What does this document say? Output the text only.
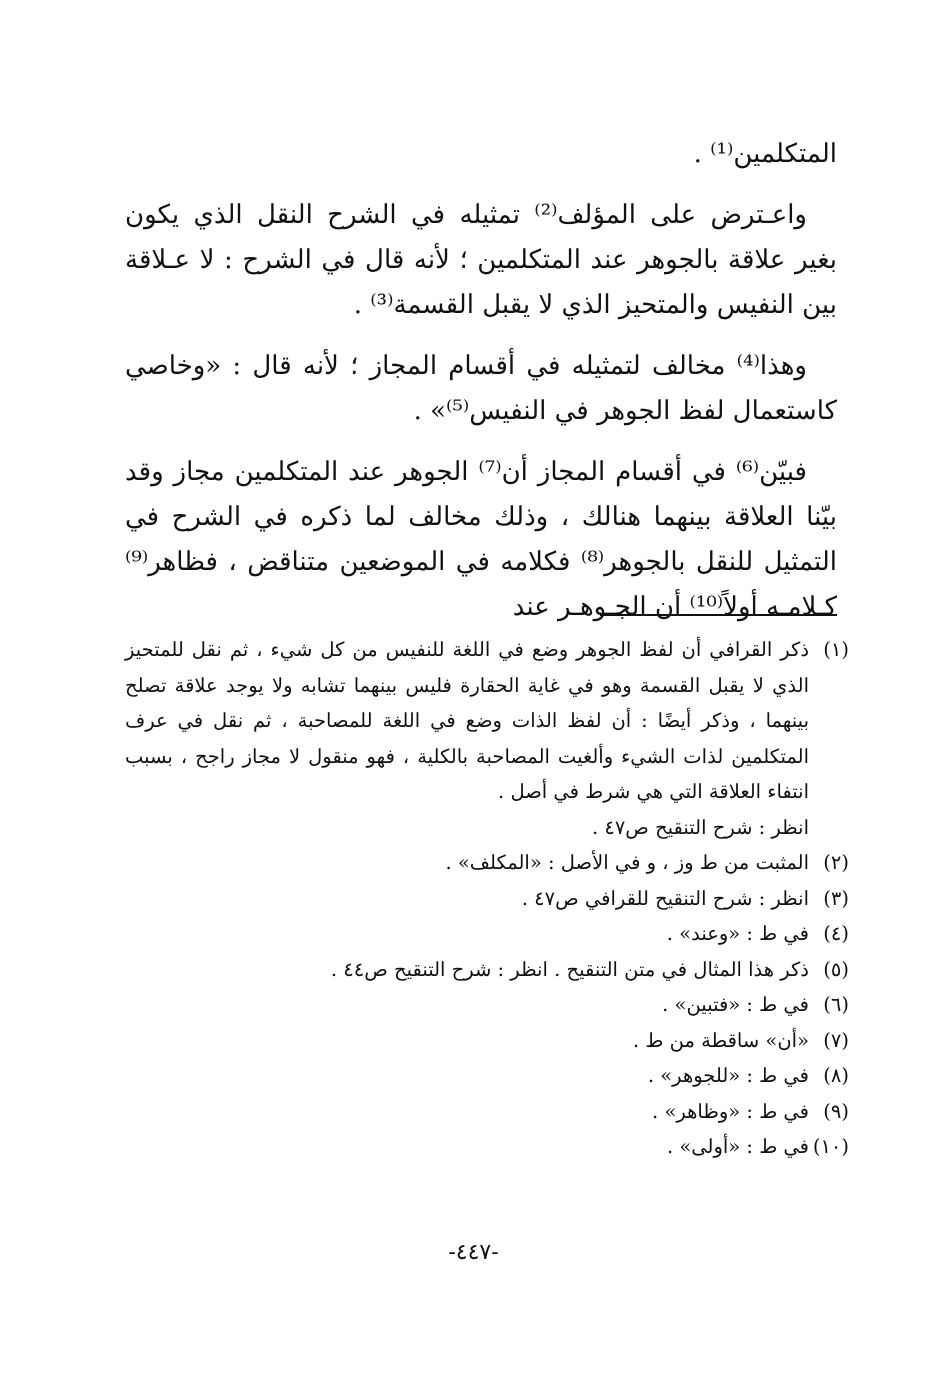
المتكلمين⁽¹⁾ .

واعـترض على المؤلف⁽²⁾ تمثيله في الشرح النقل الذي يكون بغير علاقة بالجوهر عند المتكلمين ؛ لأنه قال في الشرح : لا عـلاقة بين النفيس والمتحيز الذي لا يقبل القسمة⁽³⁾ .

وهذا⁽⁴⁾ مخالف لتمثيله في أقسام المجاز ؛ لأنه قال : «وخاصي كاستعمال لفظ الجوهر في النفيس⁽⁵⁾» .

فبيّن⁽⁶⁾ في أقسام المجاز أن⁽⁷⁾ الجوهر عند المتكلمين مجاز وقد بيّنا العلاقة بينهما هنالك ، وذلك مخالف لما ذكره في الشرح في التمثيل للنقل بالجوهر⁽⁸⁾ فكلامه في الموضعين متناقض ، فظاهر⁽⁹⁾ كـلامـه أولاً⁽¹⁰⁾ أن الجـوهـر عند

(١)
ذكر القرافي أن لفظ الجوهر وضع في اللغة للنفيس من كل شيء ، ثم نقل للمتحيز الذي لا يقبل القسمة وهو في غاية الحقارة فليس بينهما تشابه ولا يوجد علاقة تصلح بينهما ، وذكر أيضًا : أن لفظ الذات وضع في اللغة للمصاحبة ، ثم نقل في عرف المتكلمين لذات الشيء وألغيت المصاحبة بالكلية ، فهو منقول لا مجاز راجح ، بسبب انتفاء العلاقة التي هي شرط في أصل .
انظر : شرح التنقيح ص٤٧ .
(٢)
المثبت من ط وز ، و في الأصل : «المكلف» .
(٣)
انظر : شرح التنقيح للقرافي ص٤٧ .
(٤)
في ط : «وعند» .
(٥)
ذكر هذا المثال في متن التنقيح . انظر : شرح التنقيح ص٤٤ .
(٦)
في ط : «فتبين» .
(٧)
«أن» ساقطة من ط .
(٨)
في ط : «للجوهر» .
(٩)
في ط : «وظاهر» .
(١٠)
في ط : «أولى» .
-٤٤٧-
